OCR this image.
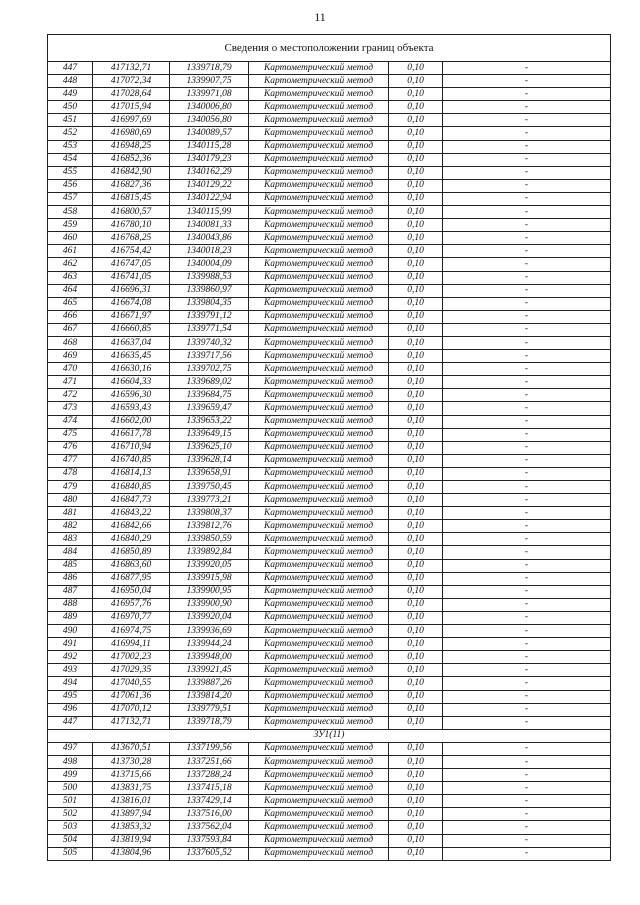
11
Сведения о местоположении границ объекта					
447	417132,71	1339718,79	Картометрический метод	0,10	-
448	417072,34	1339907,75	Картометрический метод	0,10	-
449	417028,64	1339971,08	Картометрический метод	0,10	-
450	417015,94	1340006,80	Картометрический метод	0,10	-
451	416997,69	1340056,80	Картометрический метод	0,10	-
452	416980,69	1340089,57	Картометрический метод	0,10	-
453	416948,25	1340115,28	Картометрический метод	0,10	-
454	416852,36	1340179,23	Картометрический метод	0,10	-
455	416842,90	1340162,29	Картометрический метод	0,10	-
456	416827,36	1340129,22	Картометрический метод	0,10	-
457	416815,45	1340122,94	Картометрический метод	0,10	-
458	416800,57	1340115,99	Картометрический метод	0,10	-
459	416780,10	1340081,33	Картометрический метод	0,10	-
460	416768,25	1340043,86	Картометрический метод	0,10	-
461	416754,42	1340018,23	Картометрический метод	0,10	-
462	416747,05	1340004,09	Картометрический метод	0,10	-
463	416741,05	1339988,53	Картометрический метод	0,10	-
464	416696,31	1339860,97	Картометрический метод	0,10	-
465	416674,08	1339804,35	Картометрический метод	0,10	-
466	416671,97	1339791,12	Картометрический метод	0,10	-
467	416660,85	1339771,54	Картометрический метод	0,10	-
468	416637,04	1339740,32	Картометрический метод	0,10	-
469	416635,45	1339717,56	Картометрический метод	0,10	-
470	416630,16	1339702,75	Картометрический метод	0,10	-
471	416604,33	1339689,02	Картометрический метод	0,10	-
472	416596,30	1339684,75	Картометрический метод	0,10	-
473	416593,43	1339659,47	Картометрический метод	0,10	-
474	416602,00	1339653,22	Картометрический метод	0,10	-
475	416617,78	1339649,15	Картометрический метод	0,10	-
476	416710,94	1339625,10	Картометрический метод	0,10	-
477	416740,85	1339628,14	Картометрический метод	0,10	-
478	416814,13	1339658,91	Картометрический метод	0,10	-
479	416840,85	1339750,45	Картометрический метод	0,10	-
480	416847,73	1339773,21	Картометрический метод	0,10	-
481	416843,22	1339808,37	Картометрический метод	0,10	-
482	416842,66	1339812,76	Картометрический метод	0,10	-
483	416840,29	1339850,59	Картометрический метод	0,10	-
484	416850,89	1339892,84	Картометрический метод	0,10	-
485	416863,60	1339920,05	Картометрический метод	0,10	-
486	416877,95	1339915,98	Картометрический метод	0,10	-
487	416950,04	1339900,95	Картометрический метод	0,10	-
488	416957,76	1339900,90	Картометрический метод	0,10	-
489	416970,77	1339920,04	Картометрический метод	0,10	-
490	416974,75	1339936,69	Картометрический метод	0,10	-
491	416994,11	1339944,24	Картометрический метод	0,10	-
492	417002,23	1339948,00	Картометрический метод	0,10	-
493	417029,35	1339921,45	Картометрический метод	0,10	-
494	417040,55	1339887,26	Картометрический метод	0,10	-
495	417061,36	1339814,20	Картометрический метод	0,10	-
496	417070,12	1339779,51	Картометрический метод	0,10	-
447	417132,71	1339718,79	Картометрический метод	0,10	-
ЗУ1(11)					
497	413670,51	1337199,56	Картометрический метод	0,10	-
498	413730,28	1337251,66	Картометрический метод	0,10	-
499	413715,66	1337288,24	Картометрический метод	0,10	-
500	413831,75	1337415,18	Картометрический метод	0,10	-
501	413816,01	1337429,14	Картометрический метод	0,10	-
502	413897,94	1337516,00	Картометрический метод	0,10	-
503	413853,32	1337562,04	Картометрический метод	0,10	-
504	413819,94	1337593,84	Картометрический метод	0,10	-
505	413804,96	1337605,52	Картометрический метод	0,10	-
